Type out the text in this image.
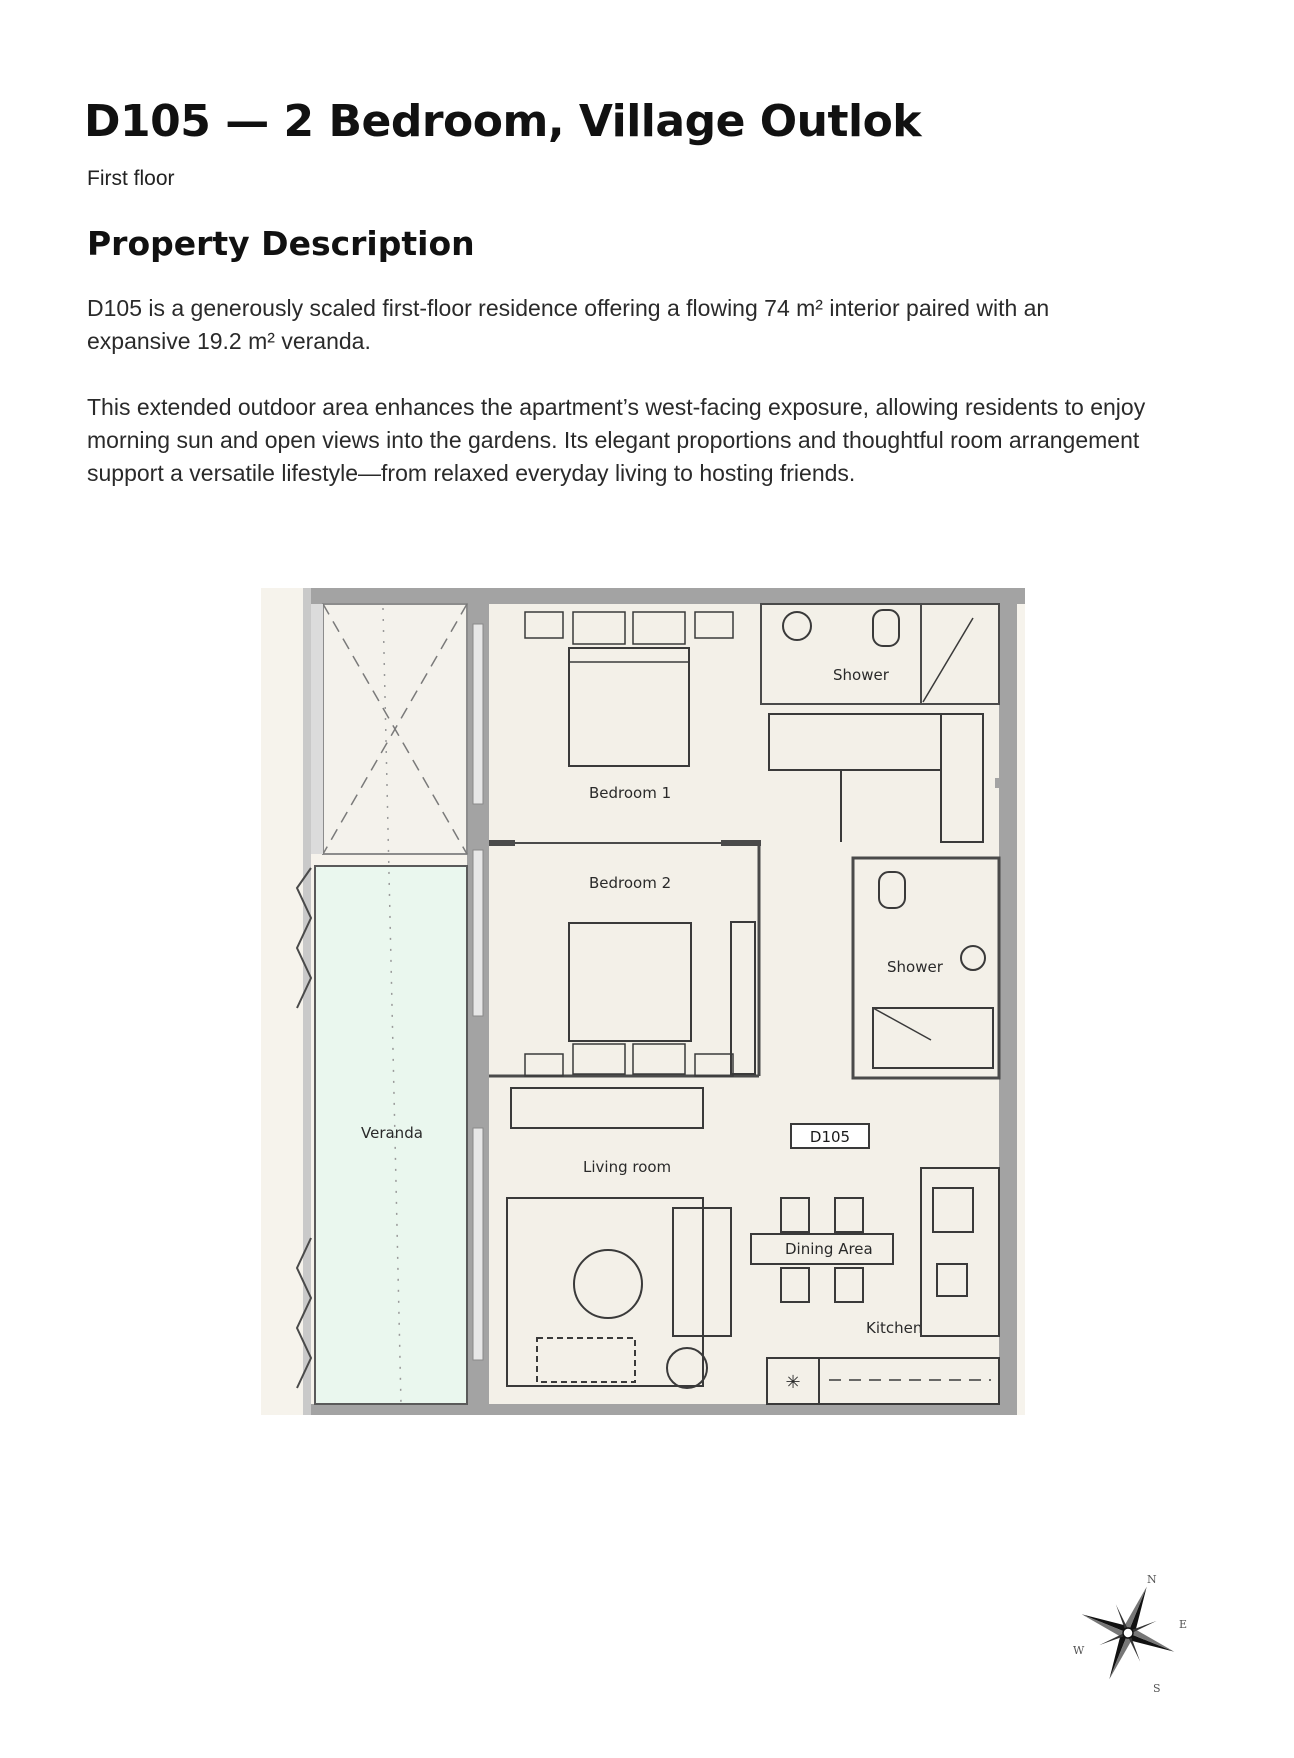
D105 — 2 Bedroom, Village Outlok
First floor
Property Description

D105 is a generously scaled first-floor residence offering a flowing 74 m² interior paired with an expansive 19.2 m² veranda.

This extended outdoor area enhances the apartment’s west-facing exposure, allowing residents to enjoy morning sun and open views into the gardens. Its elegant proportions and thoughtful room arrangement support a versatile lifestyle—from relaxed everyday living to hosting friends.

Veranda
Bedroom 1
Shower
Bedroom 2
Shower
D105
Living room
Dining Area
Kitchen
✳
N
E
W
S
